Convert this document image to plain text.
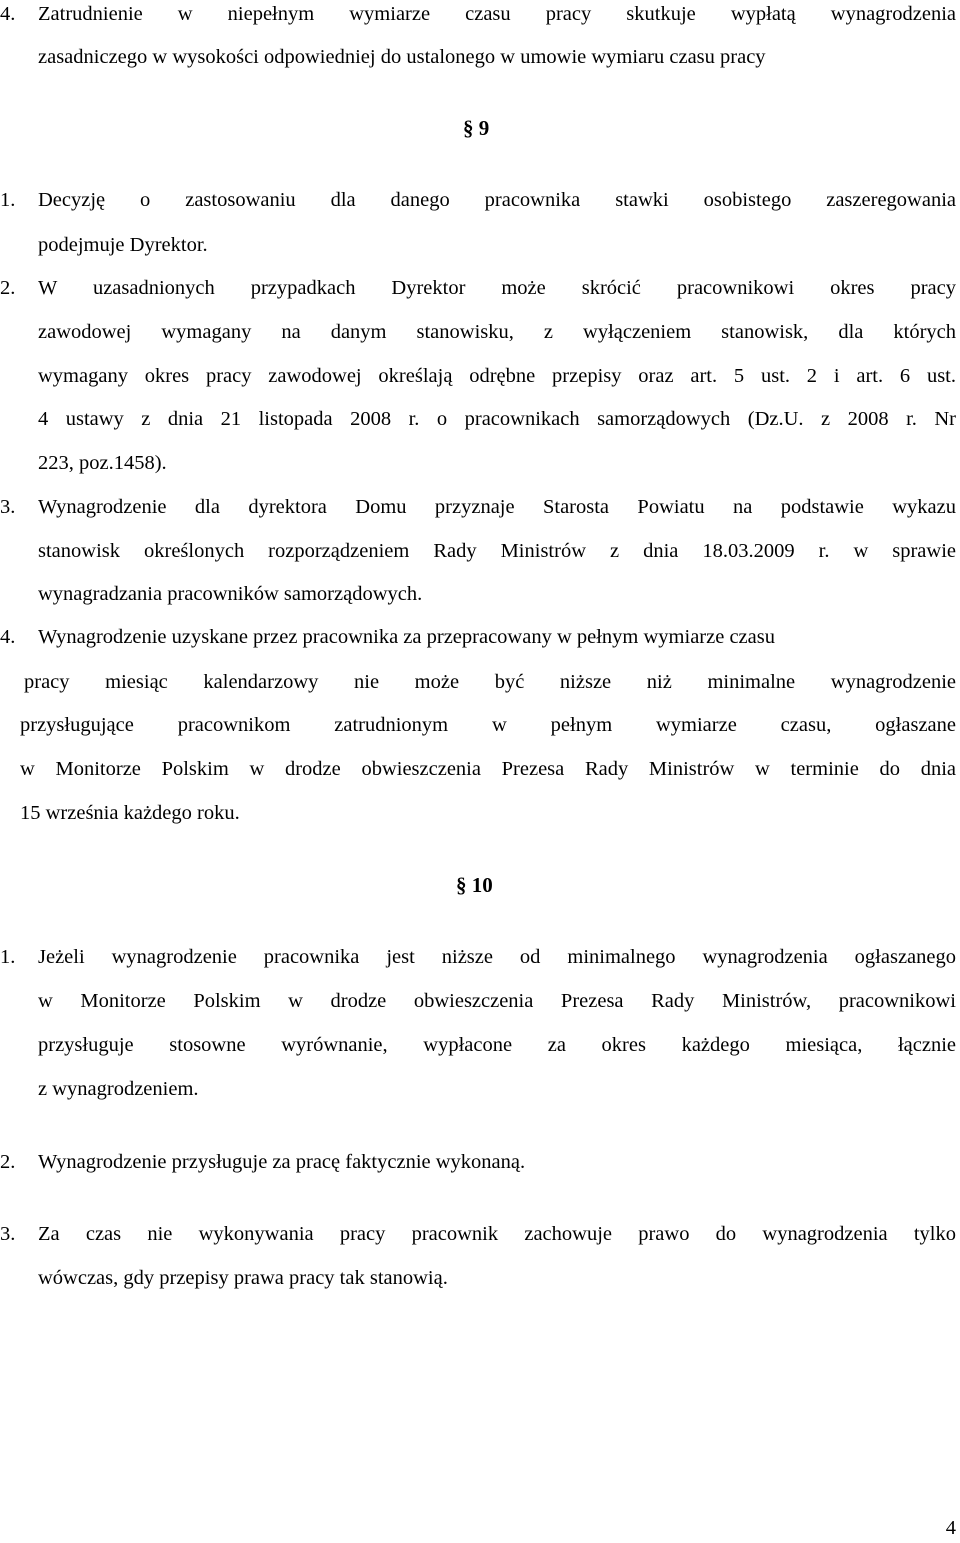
4. Zatrudnienie w niepełnym wymiarze czasu pracy skutkuje wypłatą wynagrodzenia
zasadniczego w wysokości odpowiedniej do ustalonego w umowie wymiaru czasu pracy
§ 9
1. Decyzję o zastosowaniu dla danego pracownika stawki osobistego zaszeregowania
podejmuje Dyrektor.
2. W uzasadnionych przypadkach Dyrektor może skrócić pracownikowi okres pracy
zawodowej wymagany na danym stanowisku, z wyłączeniem stanowisk, dla których
wymagany okres pracy zawodowej określają odrębne przepisy oraz art. 5 ust. 2 i art. 6 ust.
4 ustawy z dnia 21 listopada 2008 r. o pracownikach samorządowych (Dz.U. z 2008 r. Nr
223, poz.1458).
3. Wynagrodzenie dla dyrektora Domu przyznaje Starosta Powiatu na podstawie wykazu
stanowisk określonych rozporządzeniem Rady Ministrów z dnia 18.03.2009 r. w sprawie
wynagradzania pracowników samorządowych.
4. Wynagrodzenie uzyskane przez pracownika za przepracowany w pełnym wymiarze czasu
pracy miesiąc kalendarzowy nie może być niższe niż minimalne wynagrodzenie
przysługujące pracownikom zatrudnionym w pełnym wymiarze czasu, ogłaszane
w Monitorze Polskim w drodze obwieszczenia Prezesa Rady Ministrów w terminie do dnia
15 września każdego roku.
§ 10
1. Jeżeli wynagrodzenie pracownika jest niższe od minimalnego wynagrodzenia ogłaszanego
w Monitorze Polskim w drodze obwieszczenia Prezesa Rady Ministrów, pracownikowi
przysługuje stosowne wyrównanie, wypłacone za okres każdego miesiąca, łącznie
z wynagrodzeniem.
2. Wynagrodzenie przysługuje za pracę faktycznie wykonaną.
3. Za czas nie wykonywania pracy pracownik zachowuje prawo do wynagrodzenia tylko
wówczas, gdy przepisy prawa pracy tak stanowią.
4
